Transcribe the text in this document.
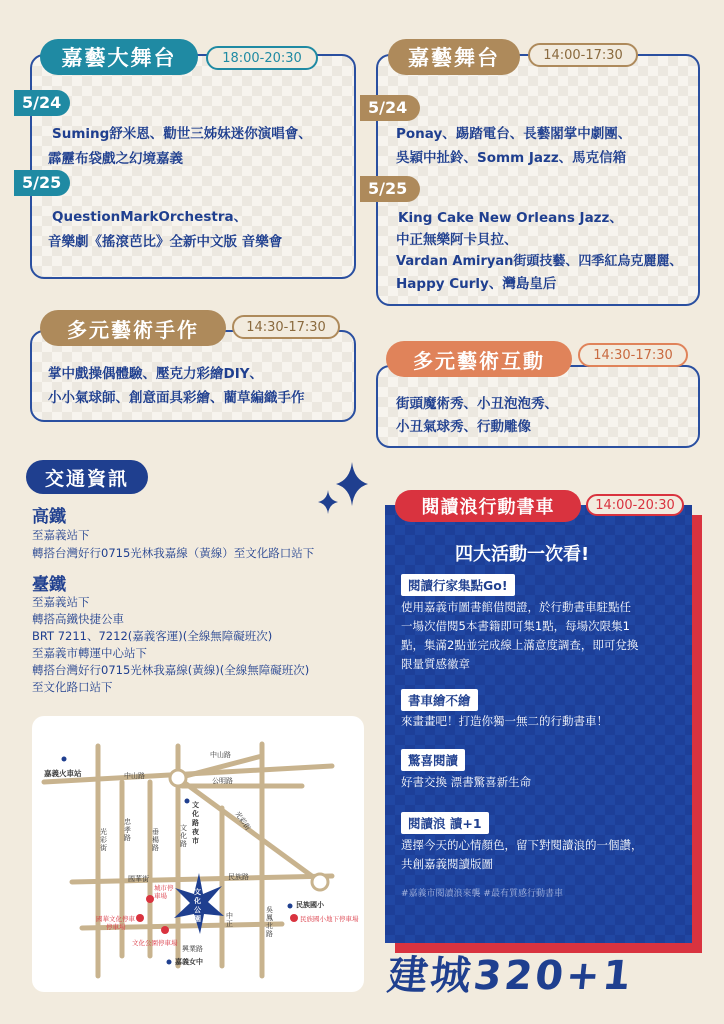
嘉藝大舞台	18:00-20:30
5/24
Suming舒米恩、勸世三姊妹迷你演唱會、
霹靂布袋戲之幻境嘉義
5/25
QuestionMarkOrchestra、
音樂劇《搖滾芭比》全新中文版 音樂會
嘉藝舞台	14:00-17:30
5/24
Ponay、踢踏電台、長藝閣掌中劇團、
吳穎中扯鈴、Somm Jazz、馬克信箱
5/25
King Cake New Orleans Jazz、
中正無樂阿卡貝拉、
Vardan Amiryan街頭技藝、四季紅烏克麗麗、
Happy Curly、灣島皇后
多元藝術手作	14:30-17:30
掌中戲操偶體驗、壓克力彩繪DIY、
小小氣球師、創意面具彩繪、藺草編織手作
多元藝術互動	14:30-17:30
街頭魔術秀、小丑泡泡秀、
小丑氣球秀、行動雕像
交通資訊
高鐵
至嘉義站下
轉搭台灣好行0715光林我嘉線（黃線）至文化路口站下
臺鐵
至嘉義站下
轉搭高鐵快捷公車
BRT 7211、7212(嘉義客運)(全線無障礙班次)
至嘉義市轉運中心站下
轉搭台灣好行0715光林我嘉線(黃線)(全線無障礙班次)
至文化路口站下
閱讀浪行動書車	14:00-20:30
四大活動一次看!
閱讀行家集點Go!
使用嘉義市圖書館借閱證，於行動書車駐點任
一場次借閱5本書籍即可集1點，每場次限集1
點，集滿2點並完成線上滿意度調查，即可兌換
限量質感徽章
書車繪不繪
來畫畫吧！打造你獨一無二的行動書車！
驚喜閱讀
好書交換 漂書驚喜新生命
閱讀浪 讀+1
選擇今天的心情顏色，留下對閱讀浪的一個讚，
共創嘉義閱讀版圖
#嘉義市閱讀浪來襲 #最有質感行動書車
嘉義火車站
文化路夜市
文化公園
民族國小
嘉義女中
國華文化停車
停車場
文化公園停車場
城市停車場
民族國小地下停車場
中山路
中山路
公明路
光彩街
民族路
忠孝路
吳鳳北路
文化路
國華街
中正
垂楊路
光彩街
興業路
建城320+1
